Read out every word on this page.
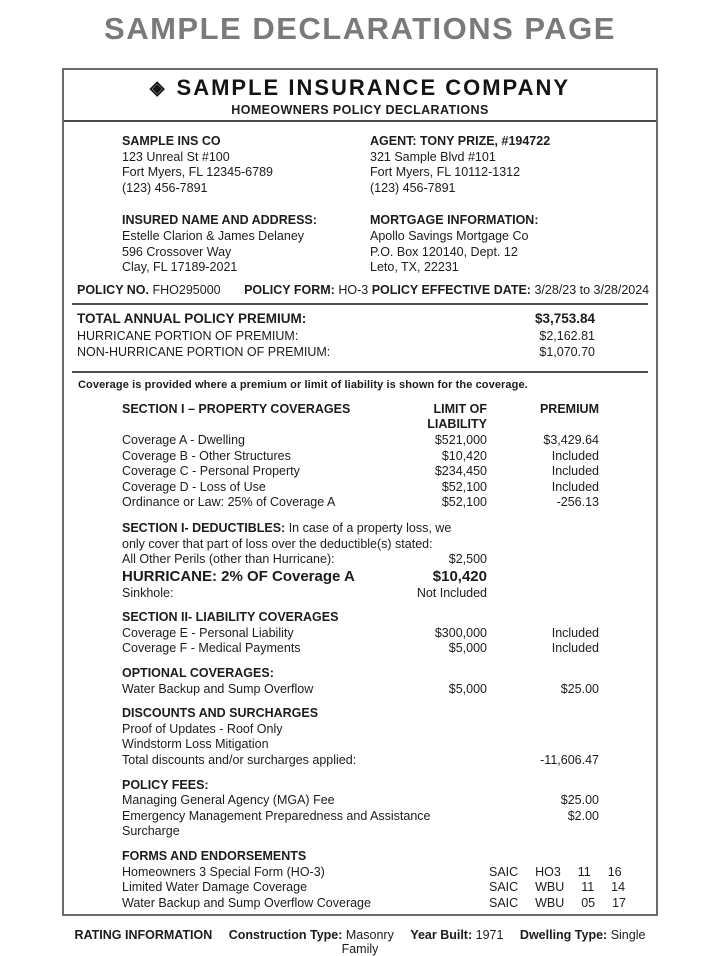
SAMPLE DECLARATIONS PAGE
◈ SAMPLE INSURANCE COMPANY
HOMEOWNERS POLICY DECLARATIONS
SAMPLE INS CO
123 Unreal St #100
Fort Myers, FL 12345-6789
(123) 456-7891
AGENT: TONY PRIZE, #194722
321 Sample Blvd #101
Fort Myers, FL 10112-1312
(123) 456-7891
INSURED NAME AND ADDRESS:
Estelle Clarion & James Delaney
596 Crossover Way
Clay, FL 17189-2021
MORTGAGE INFORMATION:
Apollo Savings Mortgage Co
P.O. Box 120140, Dept. 12
Leto, TX, 22231
POLICY NO. FHO295000 POLICY FORM: HO-3 POLICY EFFECTIVE DATE: 3/28/23 to 3/28/2024
TOTAL ANNUAL POLICY PREMIUM:	$3,753.84
HURRICANE PORTION OF PREMIUM:	$2,162.81
NON-HURRICANE PORTION OF PREMIUM:	$1,070.70
Coverage is provided where a premium or limit of liability is shown for the coverage.
SECTION I – PROPERTY COVERAGES	LIMIT OF LIABILITY
PREMIUM
Coverage A - Dwelling	$521,000	$3,429.64
Coverage B - Other Structures	$10,420	Included
Coverage C - Personal Property	$234,450	Included
Coverage D - Loss of Use	$52,100	Included
Ordinance or Law: 25% of Coverage A	$52,100	-256.13
SECTION I- DEDUCTIBLES: In case of a property loss, we
only cover that part of loss over the deductible(s) stated:
All Other Perils (other than Hurricane):	$2,500
HURRICANE: 2% OF Coverage A	$10,420
Sinkhole:	Not Included
SECTION II- LIABILITY COVERAGES
Coverage E - Personal Liability	$300,000	Included
Coverage F - Medical Payments	$5,000	Included
OPTIONAL COVERAGES:
Water Backup and Sump Overflow	$5,000	$25.00
DISCOUNTS AND SURCHARGES
Proof of Updates - Roof Only
Windstorm Loss Mitigation
Total discounts and/or surcharges applied:	-11,606.47
POLICY FEES:
Managing General Agency (MGA) Fee	$25.00
Emergency Management Preparedness and Assistance Surcharge
$2.00
FORMS AND ENDORSEMENTS
Homeowners 3 Special Form (HO-3)	SAIC  HO3  11  16
Limited Water Damage Coverage	SAIC  WBU  11  14
Water Backup and Sump Overflow Coverage	SAIC  WBU  05  17
RATING INFORMATION Construction Type: Masonry Year Built: 1971 Dwelling Type: Single Family
